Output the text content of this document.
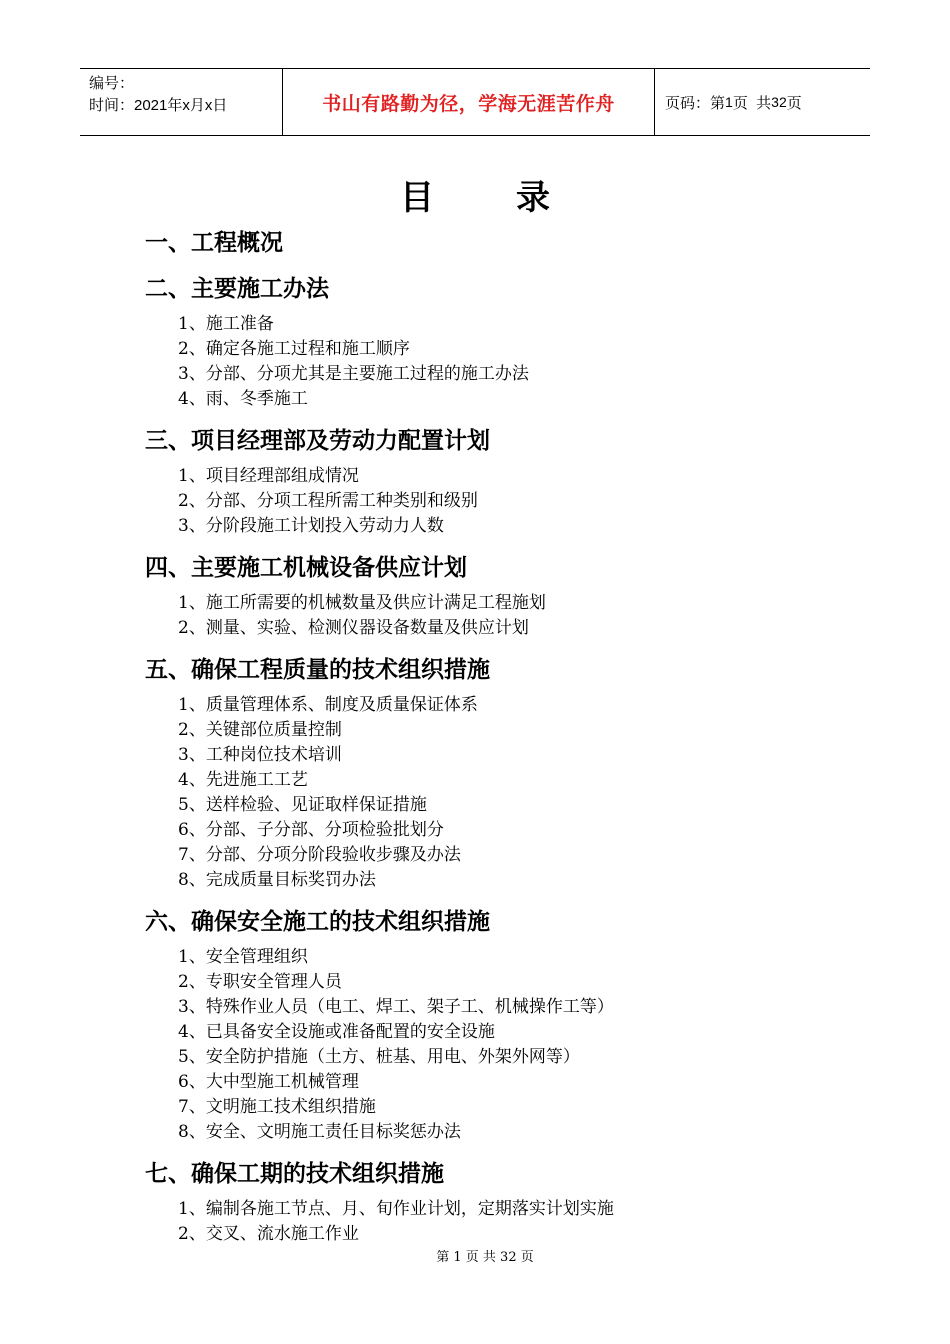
编号：
时间：2021年x月x日	书山有路勤为径，学海无涯苦作舟	页码：第 1 页  共 32 页
目录
一、工程概况
二、主要施工办法
1、施工准备
2、确定各施工过程和施工顺序
3、分部、分项尤其是主要施工过程的施工办法
4、雨、冬季施工
三、项目经理部及劳动力配置计划
1、项目经理部组成情况
2、分部、分项工程所需工种类别和级别
3、分阶段施工计划投入劳动力人数
四、主要施工机械设备供应计划
1、施工所需要的机械数量及供应计满足工程施划
2、测量、实验、检测仪器设备数量及供应计划
五、确保工程质量的技术组织措施
1、质量管理体系、制度及质量保证体系
2、关键部位质量控制
3、工种岗位技术培训
4、先进施工工艺
5、送样检验、见证取样保证措施
6、分部、子分部、分项检验批划分
7、分部、分项分阶段验收步骤及办法
8、完成质量目标奖罚办法
六、确保安全施工的技术组织措施
1、安全管理组织
2、专职安全管理人员
3、特殊作业人员（电工、焊工、架子工、机械操作工等）
4、已具备安全设施或准备配置的安全设施
5、安全防护措施（土方、桩基、用电、外架外网等）
6、大中型施工机械管理
7、文明施工技术组织措施
8、安全、文明施工责任目标奖惩办法
七、确保工期的技术组织措施
1、编制各施工节点、月、旬作业计划，定期落实计划实施
2、交叉、流水施工作业
第 1 页 共 32 页
